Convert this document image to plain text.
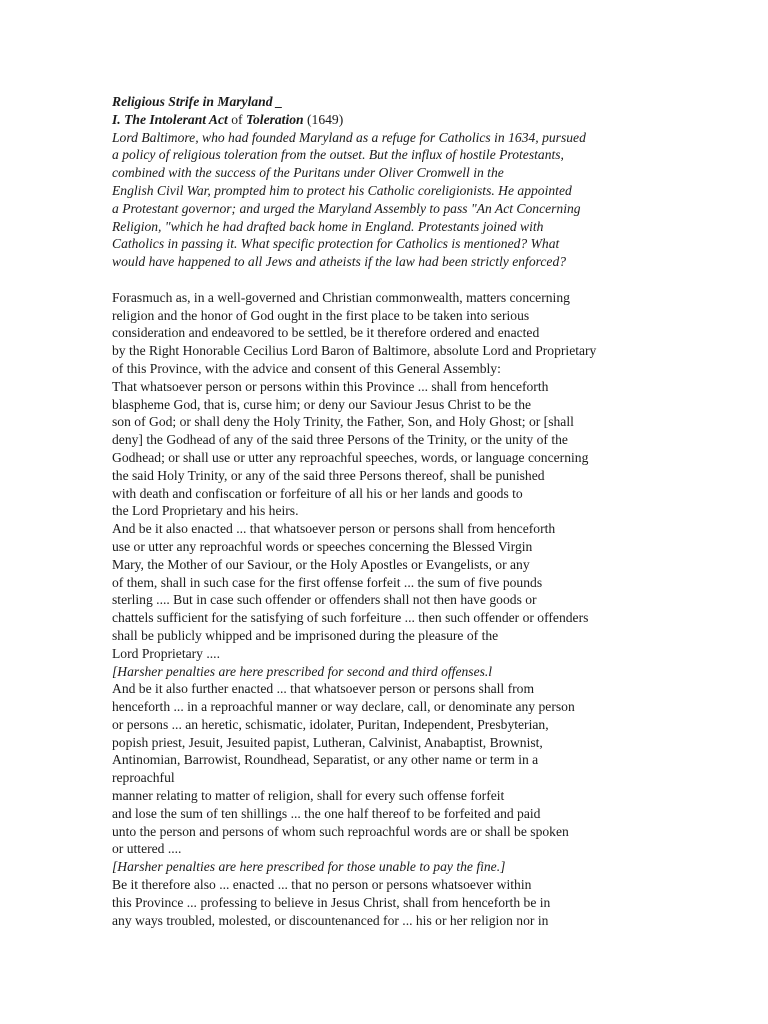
Religious Strife in Maryland _
I. The Intolerant Act of Toleration (1649)
Lord Baltimore, who had founded Maryland as a refuge for Catholics in 1634, pursued
a policy of religious toleration from the outset. But the influx of hostile Protestants,
combined with the success of the Puritans under Oliver Cromwell in the
English Civil War, prompted him to protect his Catholic coreligionists. He appointed
a Protestant governor; and urged the Maryland Assembly to pass "An Act Concerning
Religion, "which he had drafted back home in England. Protestants joined with
Catholics in passing it. What specific protection for Catholics is mentioned? What
would have happened to all Jews and atheists if the law had been strictly enforced?
Forasmuch as, in a well-governed and Christian commonwealth, matters concerning
religion and the honor of God ought in the first place to be taken into serious
consideration and endeavored to be settled, be it therefore ordered and enacted
by the Right Honorable Cecilius Lord Baron of Baltimore, absolute Lord and Proprietary
of this Province, with the advice and consent of this General Assembly:
That whatsoever person or persons within this Province ... shall from henceforth
blaspheme God, that is, curse him; or deny our Saviour Jesus Christ to be the
son of God; or shall deny the Holy Trinity, the Father, Son, and Holy Ghost; or [shall
deny] the Godhead of any of the said three Persons of the Trinity, or the unity of the
Godhead; or shall use or utter any reproachful speeches, words, or language concerning
the said Holy Trinity, or any of the said three Persons thereof, shall be punished
with death and confiscation or forfeiture of all his or her lands and goods to
the Lord Proprietary and his heirs.
And be it also enacted ... that whatsoever person or persons shall from henceforth
use or utter any reproachful words or speeches concerning the Blessed Virgin
Mary, the Mother of our Saviour, or the Holy Apostles or Evangelists, or any
of them, shall in such case for the first offense forfeit ... the sum of five pounds
sterling .... But in case such offender or offenders shall not then have goods or
chattels sufficient for the satisfying of such forfeiture ... then such offender or offenders
shall be publicly whipped and be imprisoned during the pleasure of the
Lord Proprietary ....
[Harsher penalties are here prescribed for second and third offenses.l
And be it also further enacted ... that whatsoever person or persons shall from
henceforth ... in a reproachful manner or way declare, call, or denominate any person
or persons ... an heretic, schismatic, idolater, Puritan, Independent, Presbyterian,
popish priest, Jesuit, Jesuited papist, Lutheran, Calvinist, Anabaptist, Brownist,
Antinomian, Barrowist, Roundhead, Separatist, or any other name or term in a
reproachful
manner relating to matter of religion, shall for every such offense forfeit
and lose the sum of ten shillings ... the one half thereof to be forfeited and paid
unto the person and persons of whom such reproachful words are or shall be spoken
or uttered ....
[Harsher penalties are here prescribed for those unable to pay the fine.]
Be it therefore also ... enacted ... that no person or persons whatsoever within
this Province ... professing to believe in Jesus Christ, shall from henceforth be in
any ways troubled, molested, or discountenanced for ... his or her religion nor in
